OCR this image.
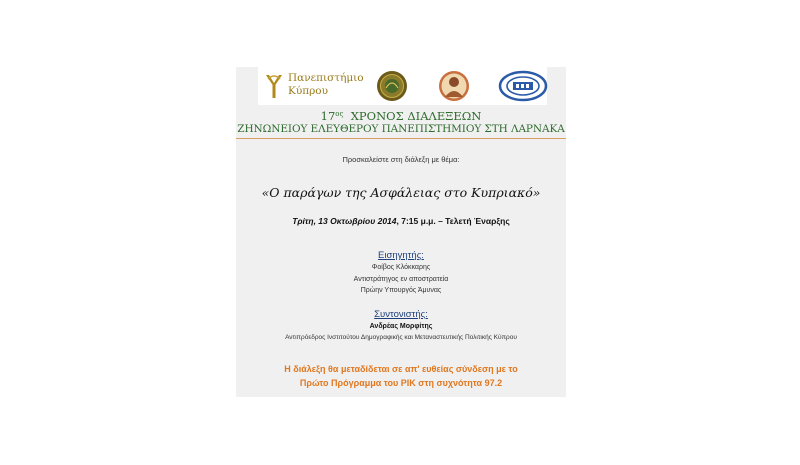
Πανεπιστήμιο
Κύπρου
$17^{o\varsigma}$ ΧΡΟΝΟΣ ΔΙΑΛΕΞΕΩΝ
ΖΗΝΩΝΕΙΟΥ ΕΛΕΥΘΕΡΟΥ ΠΑΝΕΠΙΣΤΗΜΙΟΥ ΣΤΗ ΛΑΡΝΑΚΑ
Προσκαλείστε στη διάλεξη με θέμα:
«Ο παράγων της Ασφάλειας στο Κυπριακό»
Τρίτη, 13 Οκτωβρίου 2014, 7:15 μ.μ. – Τελετή Έναρξης
Εισηγητής:
Φοίβος Κλόκκαρης
Αντιστράτηγος εν αποστρατεία
Πρώην Υπουργός Άμυνας
Συντονιστής:
Ανδρέας Μορφίτης
Αντιπρόεδρος Ινστιτούτου Δημογραφικής και Μεταναστευτικής Πολιτικής Κύπρου
Η διάλεξη θα μεταδίδεται σε απ' ευθείας σύνδεση με το
Πρώτο Πρόγραμμα του ΡΙΚ στη συχνότητα 97.2
